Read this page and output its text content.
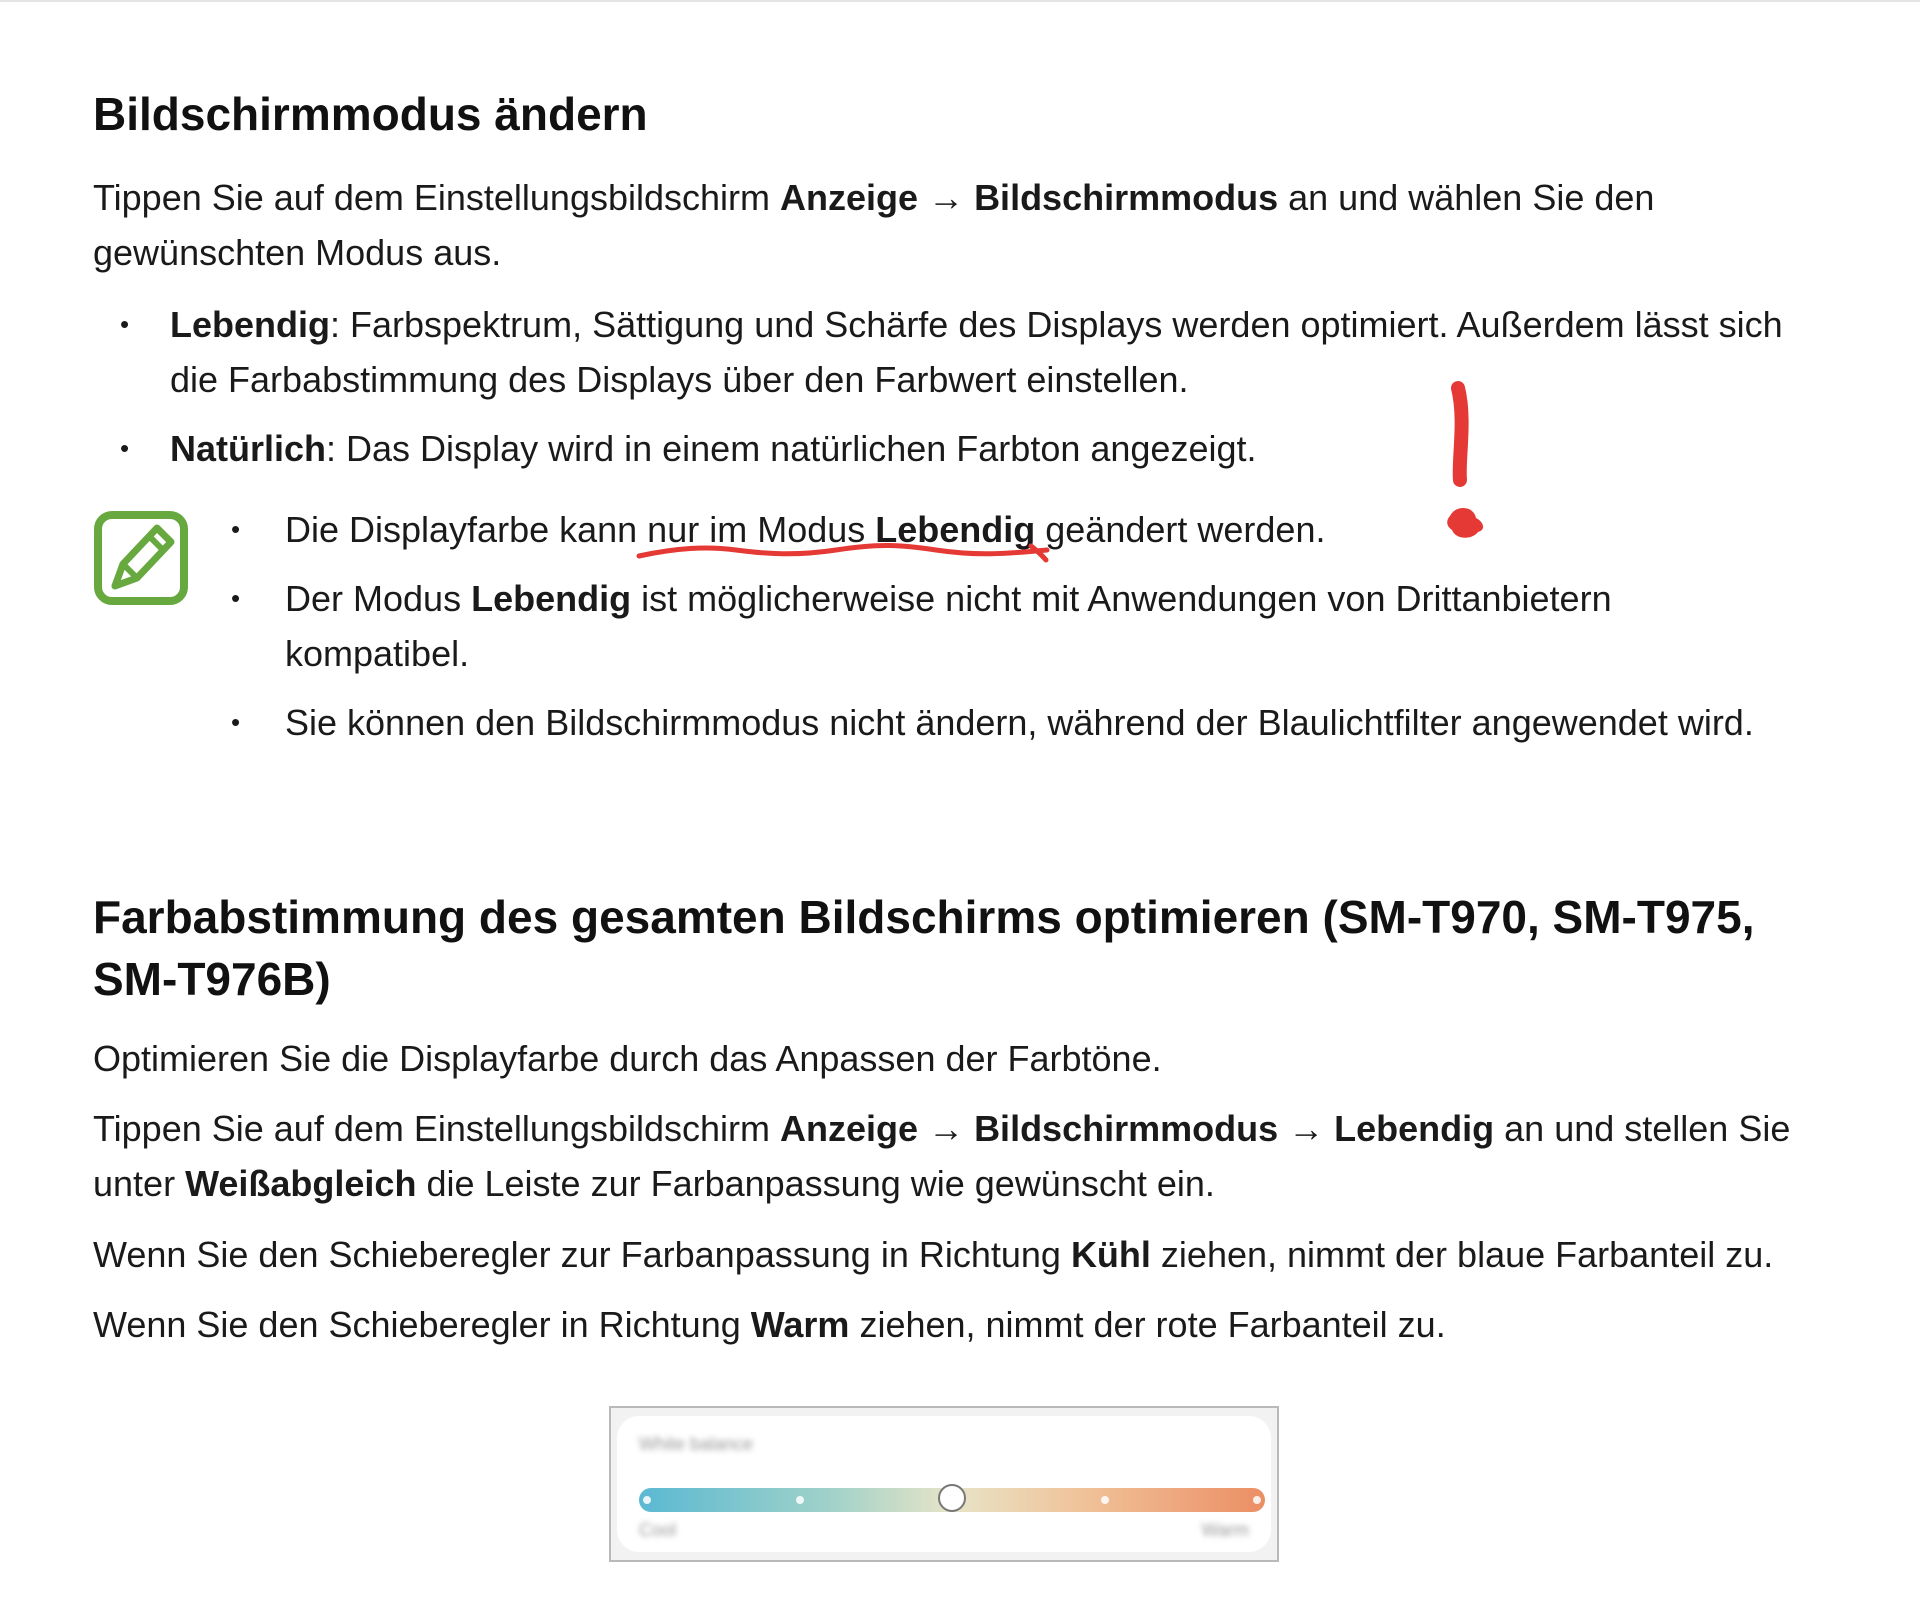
Bildschirmmodus ändern

Tippen Sie auf dem Einstellungsbildschirm Anzeige → Bildschirmmodus an und wählen Sie den gewünschten Modus aus.

• Lebendig: Farbspektrum, Sättigung und Schärfe des Displays werden optimiert. Außerdem lässt sich die Farbabstimmung des Displays über den Farbwert einstellen.
• Natürlich: Das Display wird in einem natürlichen Farbton angezeigt.
• Die Displayfarbe kann nur im Modus Lebendig geändert werden.
• Der Modus Lebendig ist möglicherweise nicht mit Anwendungen von Drittanbietern kompatibel.
• Sie können den Bildschirmmodus nicht ändern, während der Blaulichtfilter angewendet wird.
Farbabstimmung des gesamten Bildschirms optimieren (SM-T970, SM-T975, SM-T976B)

Optimieren Sie die Displayfarbe durch das Anpassen der Farbtöne.

Tippen Sie auf dem Einstellungsbildschirm Anzeige → Bildschirmmodus → Lebendig an und stellen Sie unter Weißabgleich die Leiste zur Farbanpassung wie gewünscht ein.

Wenn Sie den Schieberegler zur Farbanpassung in Richtung Kühl ziehen, nimmt der blaue Farbanteil zu.

Wenn Sie den Schieberegler in Richtung Warm ziehen, nimmt der rote Farbanteil zu.

White balance
Cool	Warm
